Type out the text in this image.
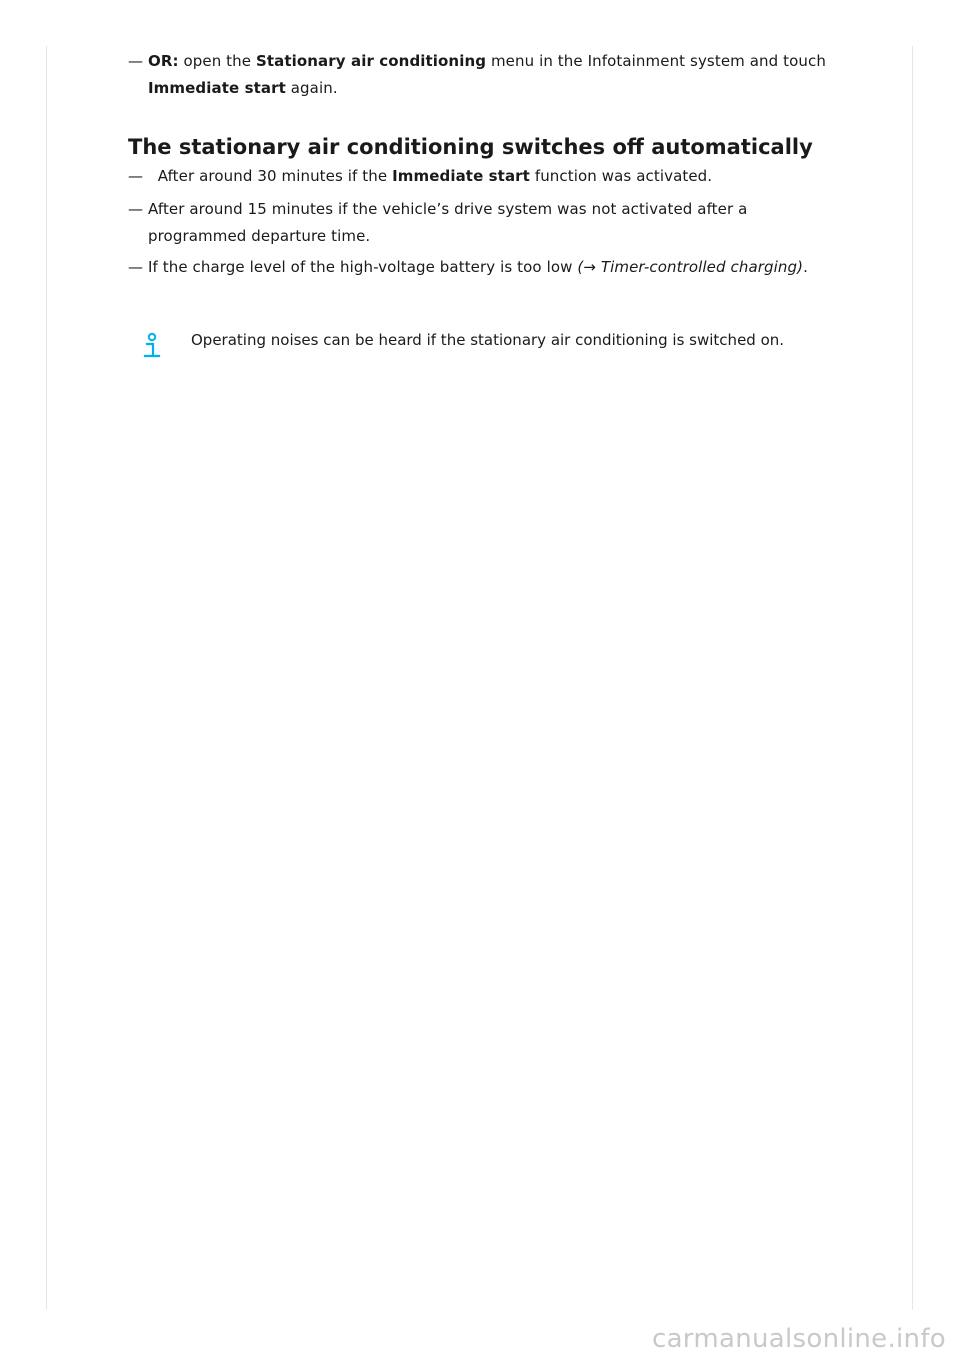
— OR: open the Stationary air conditioning menu in the Infotainment system and touch Immediate start again.
The stationary air conditioning switches off automatically
— After around 30 minutes if the Immediate start function was activated.
— After around 15 minutes if the vehicle’s drive system was not activated after a programmed departure time.
— If the charge level of the high-voltage battery is too low (→ Timer-controlled charging).
Operating noises can be heard if the stationary air conditioning is switched on.
carmanualsonline.info
